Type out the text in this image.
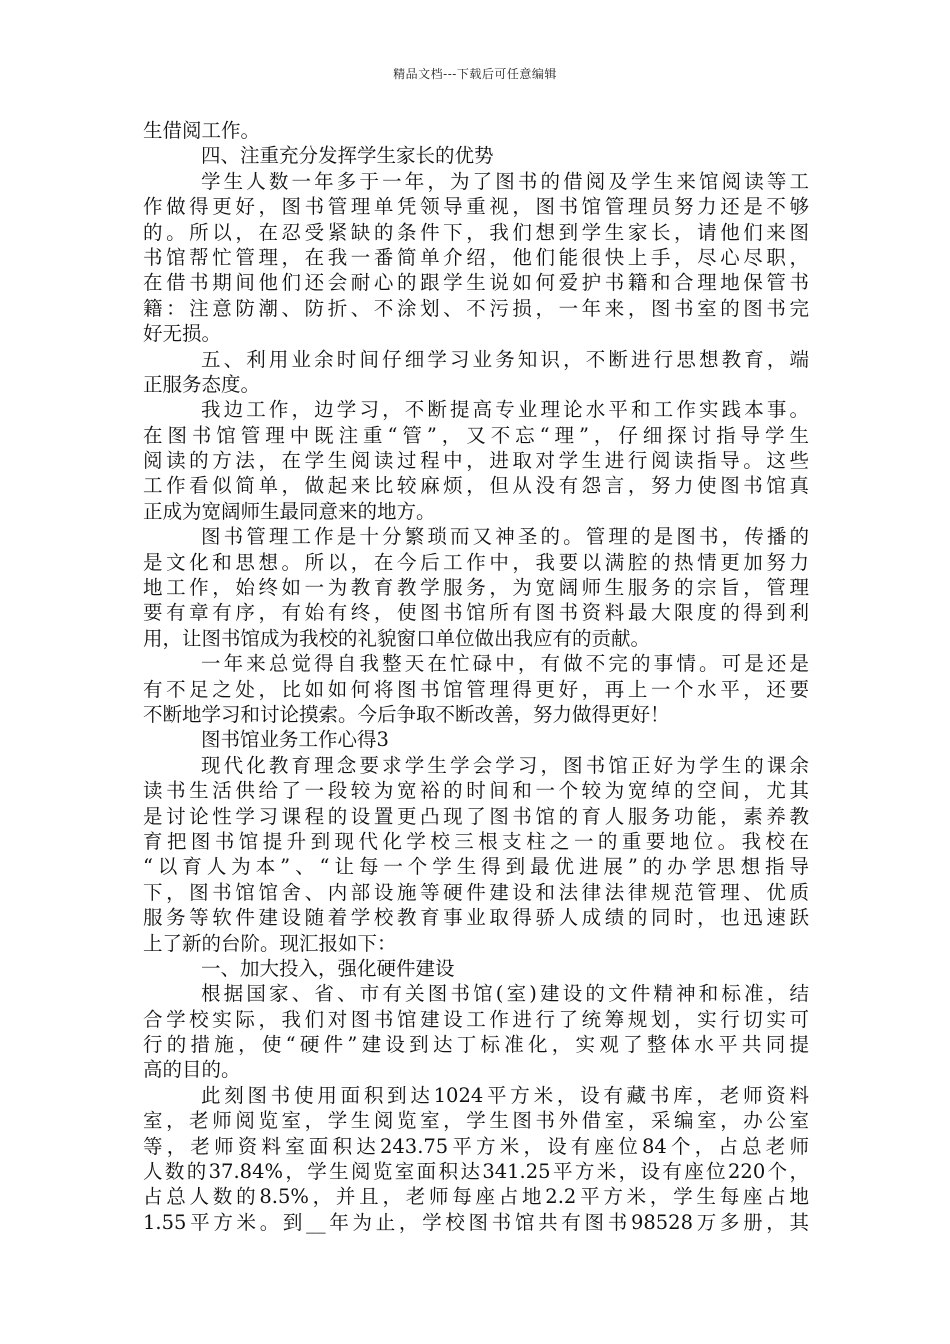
精品文档---下载后可任意编辑
生借阅工作。
四、注重充分发挥学生家长的优势
学生人数一年多于一年，为了图书的借阅及学生来馆阅读等工
作做得更好，图书管理单凭领导重视，图书馆管理员努力还是不够
的。所以，在忍受紧缺的条件下，我们想到学生家长，请他们来图
书馆帮忙管理，在我一番简单介绍，他们能很快上手，尽心尽职，
在借书期间他们还会耐心的跟学生说如何爱护书籍和合理地保管书
籍：注意防潮、防折、不涂划、不污损，一年来，图书室的图书完
好无损。
五、利用业余时间仔细学习业务知识，不断进行思想教育，端
正服务态度。
我边工作，边学习，不断提高专业理论水平和工作实践本事。
在图书馆管理中既注重“管”，又不忘“理”，仔细探讨指导学生
阅读的方法，在学生阅读过程中，进取对学生进行阅读指导。这些
工作看似简单，做起来比较麻烦，但从没有怨言，努力使图书馆真
正成为宽阔师生最同意来的地方。
图书管理工作是十分繁琐而又神圣的。管理的是图书，传播的
是文化和思想。所以，在今后工作中，我要以满腔的热情更加努力
地工作，始终如一为教育教学服务，为宽阔师生服务的宗旨，管理
要有章有序，有始有终，使图书馆所有图书资料最大限度的得到利
用，让图书馆成为我校的礼貌窗口单位做出我应有的贡献。
一年来总觉得自我整天在忙碌中，有做不完的事情。可是还是
有不足之处，比如如何将图书馆管理得更好，再上一个水平，还要
不断地学习和讨论摸索。今后争取不断改善，努力做得更好！
图书馆业务工作心得3
现代化教育理念要求学生学会学习，图书馆正好为学生的课余
读书生活供给了一段较为宽裕的时间和一个较为宽绰的空间，尤其
是讨论性学习课程的设置更凸现了图书馆的育人服务功能，素养教
育把图书馆提升到现代化学校三根支柱之一的重要地位。我校在
“以育人为本”、“让每一个学生得到最优进展”的办学思想指导
下，图书馆馆舍、内部设施等硬件建设和法律法律规范管理、优质
服务等软件建设随着学校教育事业取得骄人成绩的同时，也迅速跃
上了新的台阶。现汇报如下：
一、加大投入，强化硬件建设
根据国家、省、市有关图书馆(室)建设的文件精神和标准，结
合学校实际，我们对图书馆建设工作进行了统筹规划，实行切实可
行的措施，使“硬件”建设到达丁标准化，实观了整体水平共同提
高的目的。
此刻图书使用面积到达1024平方米，设有藏书库，老师资料
室，老师阅览室，学生阅览室，学生图书外借室，采编室，办公室
等，老师资料室面积达243.75平方米，设有座位84个，占总老师
人数的37.84%，学生阅览室面积达341.25平方米，设有座位220个，
占总人数的8.5%，并且，老师每座占地2.2平方米，学生每座占地
1.55平方米。到__年为止，学校图书馆共有图书98528万多册，其
